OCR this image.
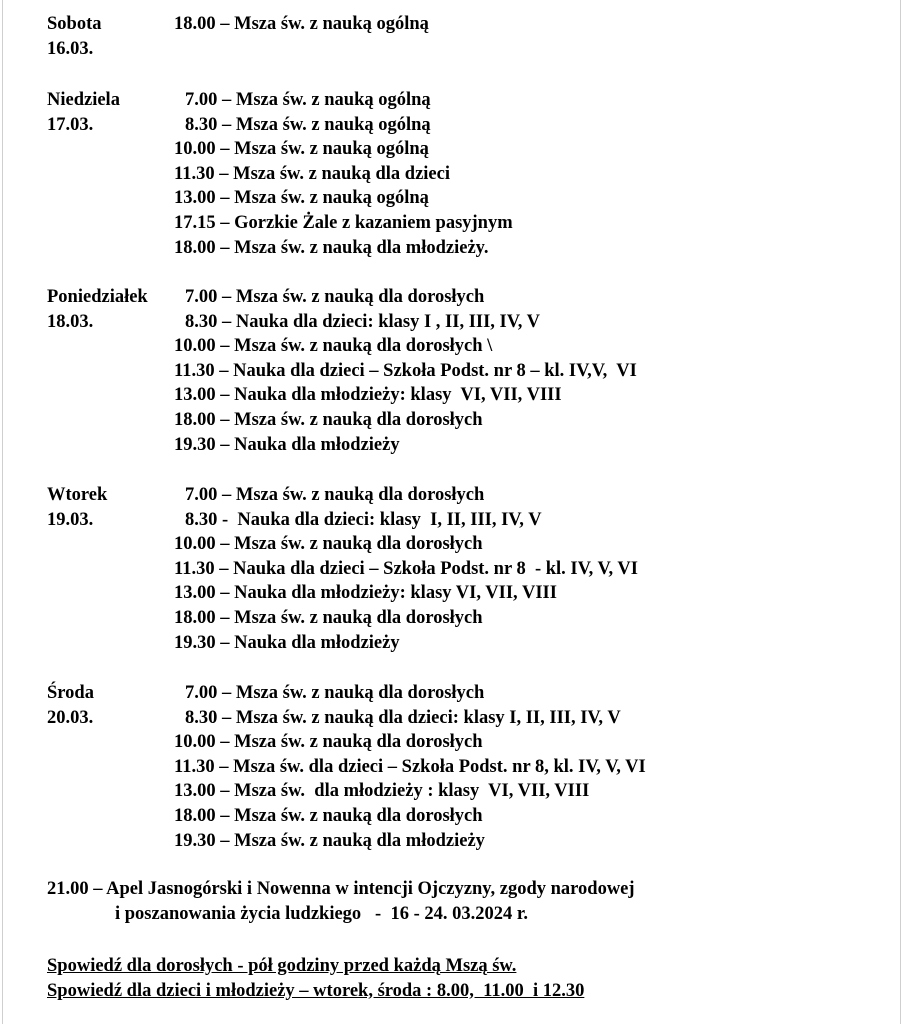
Sobota
16.03.
18.00 – Msza św. z nauką ogólną
Niedziela
17.03.
7.00 – Msza św. z nauką ogólną
8.30 – Msza św. z nauką ogólną
10.00 – Msza św. z nauką ogólną
11.30 – Msza św. z nauką dla dzieci
13.00 – Msza św. z nauką ogólną
17.15 – Gorzkie Żale z kazaniem pasyjnym
18.00 – Msza św. z nauką dla młodzieży.
Poniedziałek
18.03.
7.00 – Msza św. z nauką dla dorosłych
8.30 – Nauka dla dzieci: klasy I , II, III, IV, V
10.00 – Msza św. z nauką dla dorosłych \
11.30 – Nauka dla dzieci – Szkoła Podst. nr 8 – kl. IV,V,  VI
13.00 – Nauka dla młodzieży: klasy  VI, VII, VIII
18.00 – Msza św. z nauką dla dorosłych
19.30 – Nauka dla młodzieży
Wtorek
19.03.
7.00 – Msza św. z nauką dla dorosłych
8.30 -  Nauka dla dzieci: klasy  I, II, III, IV, V
10.00 – Msza św. z nauką dla dorosłych
11.30 – Nauka dla dzieci – Szkoła Podst. nr 8  - kl. IV, V, VI
13.00 – Nauka dla młodzieży: klasy VI, VII, VIII
18.00 – Msza św. z nauką dla dorosłych
19.30 – Nauka dla młodzieży
Środa
20.03.
7.00 – Msza św. z nauką dla dorosłych
8.30 – Msza św. z nauką dla dzieci: klasy I, II, III, IV, V
10.00 – Msza św. z nauką dla dorosłych
11.30 – Msza św. dla dzieci – Szkoła Podst. nr 8, kl. IV, V, VI
13.00 – Msza św.  dla młodzieży : klasy  VI, VII, VIII
18.00 – Msza św. z nauką dla dorosłych
19.30 – Msza św. z nauką dla młodzieży
21.00 – Apel Jasnogórski i Nowenna w intencji Ojczyzny, zgody narodowej
i poszanowania życia ludzkiego   -  16 - 24. 03.2024 r.
Spowiedź dla dorosłych - pół godziny przed każdą Mszą św.
Spowiedź dla dzieci i młodzieży – wtorek, środa : 8.00,  11.00  i 12.30
